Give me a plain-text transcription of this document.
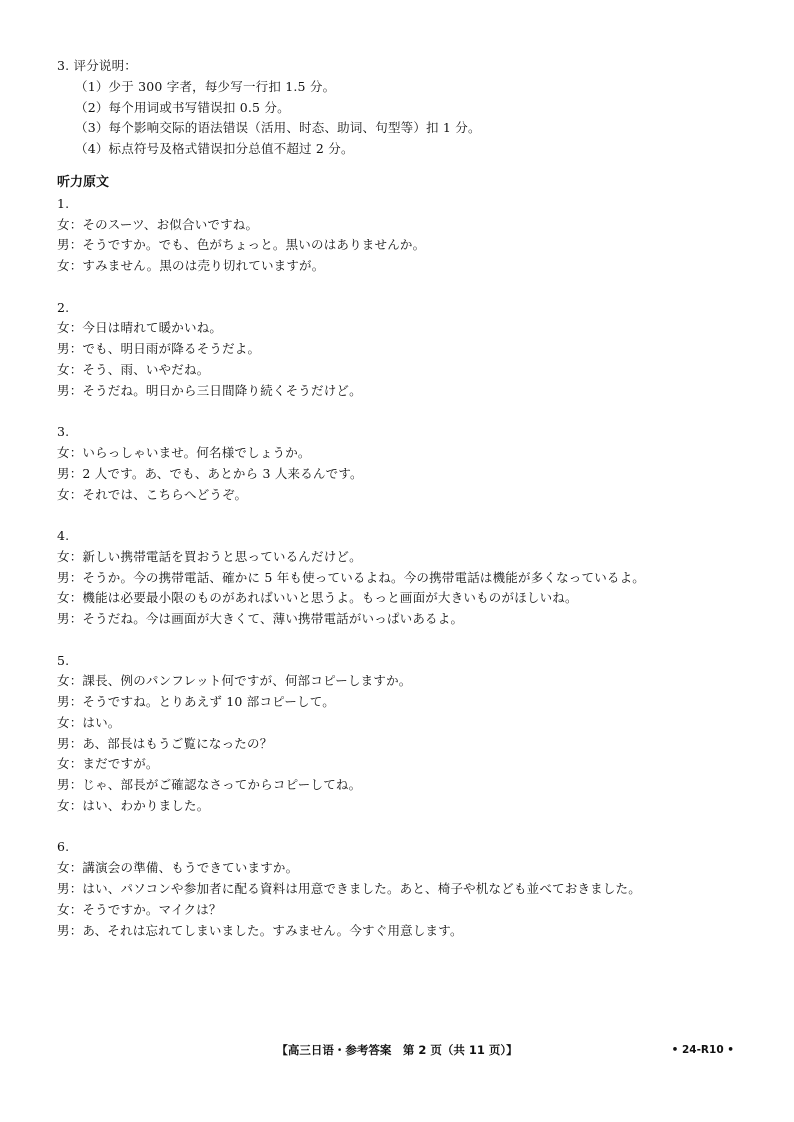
3. 评分说明：
（1）少于 300 字者，每少写一行扣 1.5 分。
（2）每个用词或书写错误扣 0.5 分。
（3）每个影响交际的语法错误（活用、时态、助词、句型等）扣 1 分。
（4）标点符号及格式错误扣分总值不超过 2 分。
听力原文
1.
女：そのスーツ、お似合いですね。
男：そうですか。でも、色がちょっと。黒いのはありませんか。
女：すみません。黒のは売り切れていますが。
2.
女：今日は晴れて暖かいね。
男：でも、明日雨が降るそうだよ。
女：そう、雨、いやだね。
男：そうだね。明日から三日間降り続くそうだけど。
3.
女：いらっしゃいませ。何名様でしょうか。
男：2 人です。あ、でも、あとから 3 人来るんです。
女：それでは、こちらへどうぞ。
4.
女：新しい携帯電話を買おうと思っているんだけど。
男：そうか。今の携帯電話、確かに 5 年も使っているよね。今の携帯電話は機能が多くなっているよ。
女：機能は必要最小限のものがあればいいと思うよ。もっと画面が大きいものがほしいね。
男：そうだね。今は画面が大きくて、薄い携帯電話がいっぱいあるよ。
5.
女：課長、例のパンフレット何ですが、何部コピーしますか。
男：そうですね。とりあえず 10 部コピーして。
女：はい。
男：あ、部長はもうご覧になったの？
女：まだですが。
男：じゃ、部長がご確認なさってからコピーしてね。
女：はい、わかりました。
6.
女：講演会の準備、もうできていますか。
男：はい、パソコンや参加者に配る資料は用意できました。あと、椅子や机なども並べておきました。
女：そうですか。マイクは？
男：あ、それは忘れてしまいました。すみません。今すぐ用意します。
【高三日语・参考答案　第 2 页（共 11 页）】	• 24-R10 •
